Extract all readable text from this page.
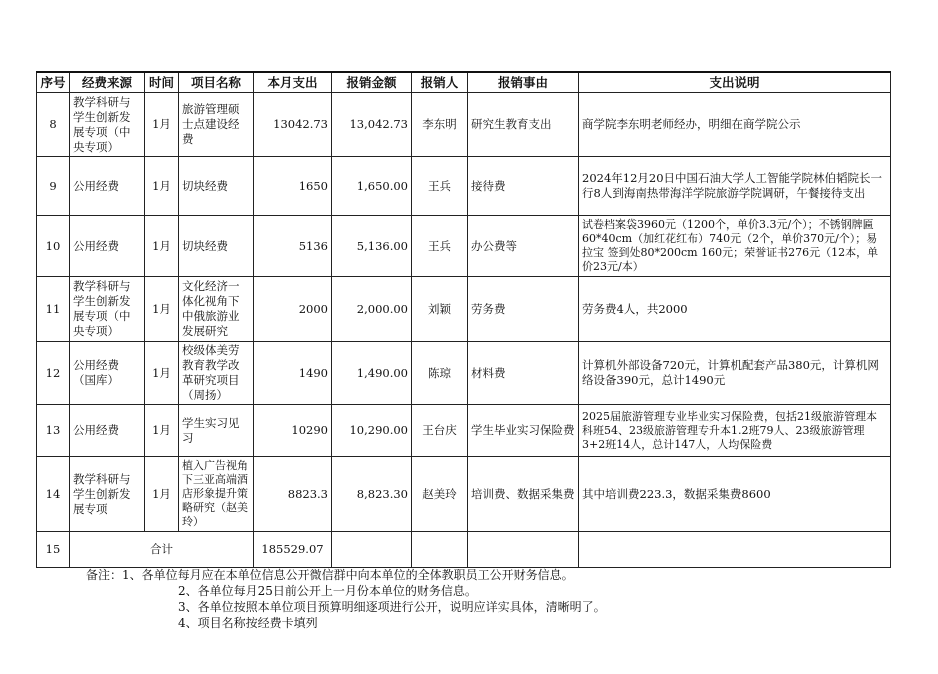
序号	经费来源	时间	项目名称	本月支出	报销金额	报销人	报销事由	支出说明
8	教学科研与学生创新发展专项（中央专项）	1月	旅游管理硕士点建设经费	13042.73	13,042.73	李东明	研究生教育支出	商学院李东明老师经办，明细在商学院公示
9	公用经费	1月	切块经费	1650	1,650.00	王兵	接待费	2024年12月20日中国石油大学人工智能学院林伯韬院长一行8人到海南热带海洋学院旅游学院调研，午餐接待支出
10	公用经费	1月	切块经费	5136	5,136.00	王兵	办公费等	试卷档案袋3960元（1200个，单价3.3元/个）；不锈钢牌匾60*40cm（加红花红布）740元（2个，单价370元/个）；易拉宝 签到处80*200cm 160元；荣誉证书276元（12本，单价23元/本）
11	教学科研与学生创新发展专项（中央专项）	1月	文化经济一体化视角下中俄旅游业发展研究	2000	2,000.00	刘颖	劳务费	劳务费4人，共2000
12	公用经费（国库）	1月	校级体美劳教育教学改革研究项目（周扬）	1490	1,490.00	陈琼	材料费	计算机外部设备720元，计算机配套产品380元，计算机网络设备390元，总计1490元
13	公用经费	1月	学生实习见习	10290	10,290.00	王台庆	学生毕业实习保险费	2025届旅游管理专业毕业实习保险费，包括21级旅游管理本科班54、23级旅游管理专升本1.2班79人、23级旅游管理3+2班14人，总计147人，人均保险费
14	教学科研与学生创新发展专项	1月	植入广告视角下三亚高端酒店形象提升策略研究（赵美玲）	8823.3	8,823.30	赵美玲	培训费、数据采集费	其中培训费223.3，数据采集费8600
15	合计			185529.07				
备注：1、各单位每月应在本单位信息公开微信群中向本单位的全体教职员工公开财务信息。
2、各单位每月25日前公开上一月份本单位的财务信息。
3、各单位按照本单位项目预算明细逐项进行公开，说明应详实具体，清晰明了。
4、项目名称按经费卡填列
